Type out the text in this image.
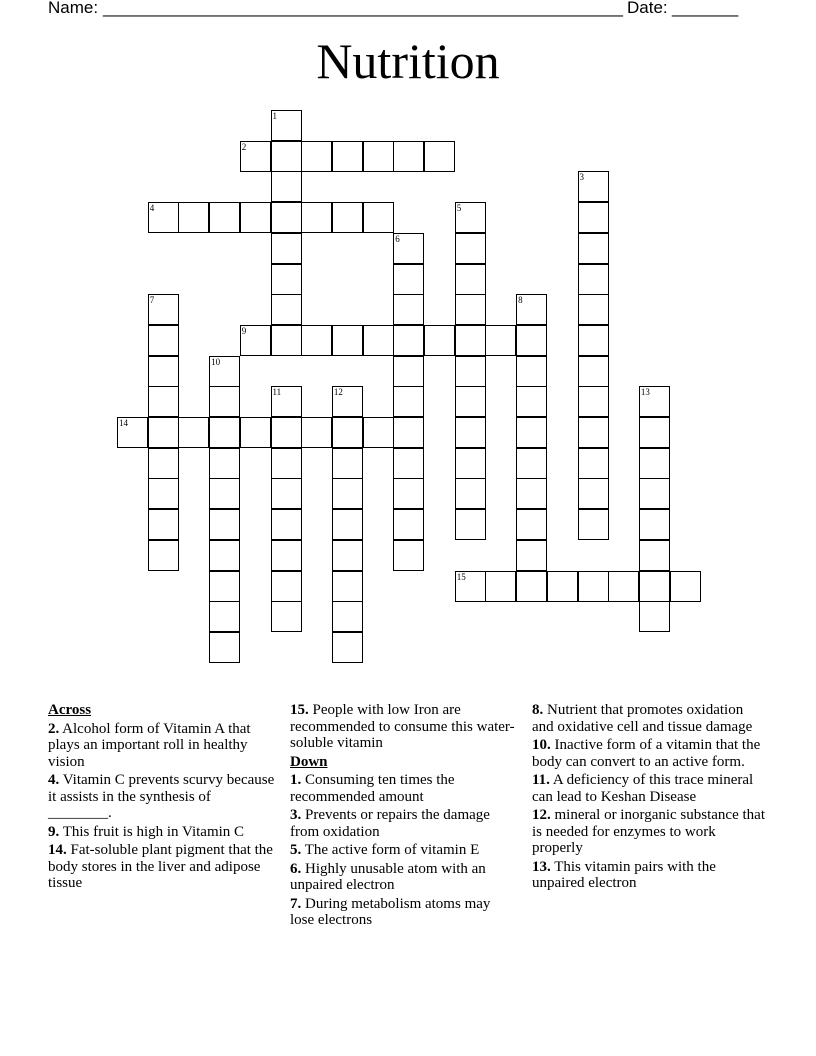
Name: _______________________________________________________ Date: _______
Nutrition
2
4
9
14
15
1
3
5
6
7	8
10
11	12	13
Across
2. Alcohol form of Vitamin A that plays an important roll in healthy vision
4. Vitamin C prevents scurvy because it assists in the synthesis of ________.
9. This fruit is high in Vitamin C
14. Fat-soluble plant pigment that the body stores in the liver and adipose tissue
15. People with low Iron are recommended to consume this water-soluble vitamin
Down
1. Consuming ten times the recommended amount
3. Prevents or repairs the damage from oxidation
5. The active form of vitamin E
6. Highly unusable atom with an unpaired electron
7. During metabolism atoms may lose electrons
8. Nutrient that promotes oxidation and oxidative cell and tissue damage
10. Inactive form of a vitamin that the body can convert to an active form.
11. A deficiency of this trace mineral can lead to Keshan Disease
12. mineral or inorganic substance that is needed for enzymes to work properly
13. This vitamin pairs with the unpaired electron
